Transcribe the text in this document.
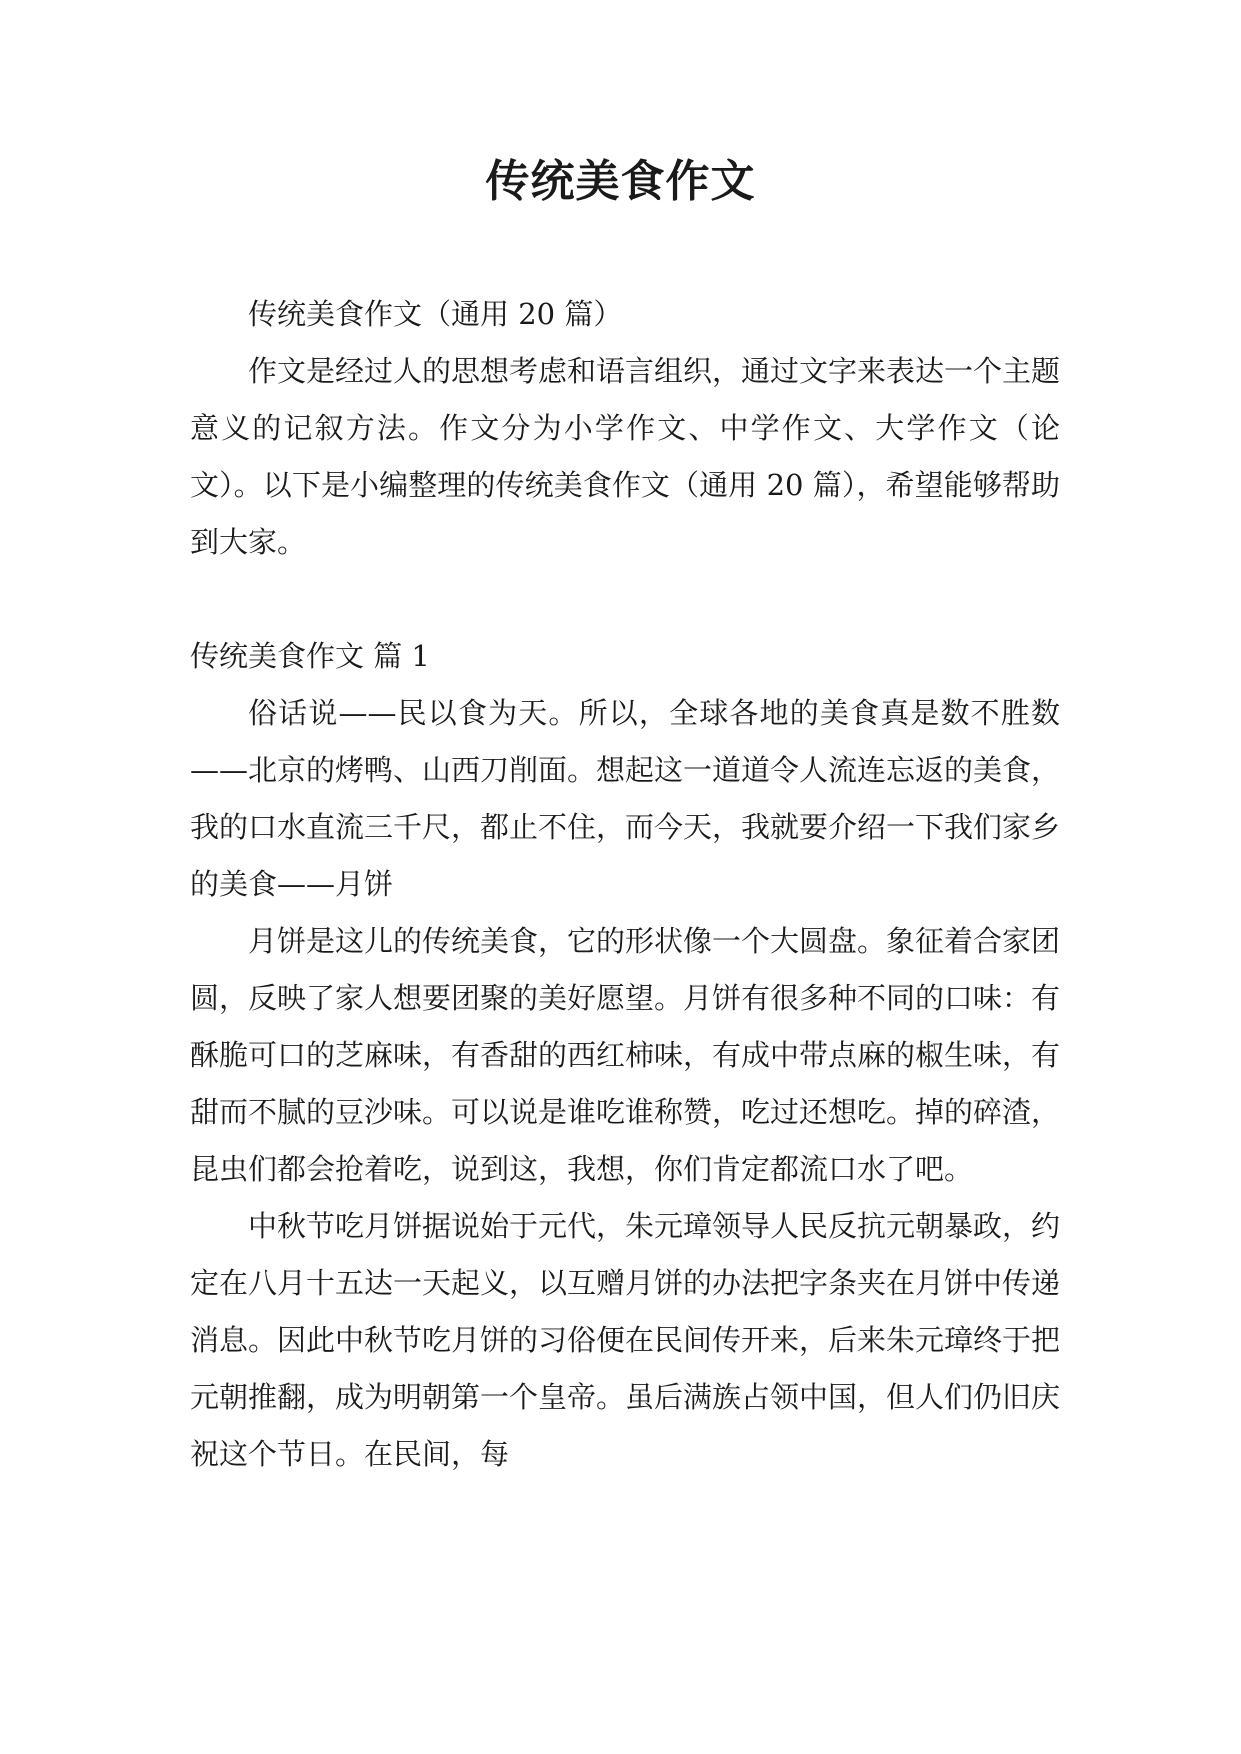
传统美食作文

传统美食作文（通用 20 篇）

作文是经过人的思想考虑和语言组织，通过文字来表达一个主题意义的记叙方法。作文分为小学作文、中学作文、大学作文（论文）。以下是小编整理的传统美食作文（通用 20 篇），希望能够帮助到大家。

传统美食作文 篇 1

俗话说——民以食为天。所以，全球各地的美食真是数不胜数——北京的烤鸭、山西刀削面。想起这一道道令人流连忘返的美食，我的口水直流三千尺，都止不住，而今天，我就要介绍一下我们家乡的美食——月饼

月饼是这儿的传统美食，它的形状像一个大圆盘。象征着合家团圆，反映了家人想要团聚的美好愿望。月饼有很多种不同的口味：有酥脆可口的芝麻味，有香甜的西红柿味，有成中带点麻的椒生味，有甜而不腻的豆沙味。可以说是谁吃谁称赞，吃过还想吃。掉的碎渣，昆虫们都会抢着吃，说到这，我想，你们肯定都流口水了吧。

中秋节吃月饼据说始于元代，朱元璋领导人民反抗元朝暴政，约定在八月十五达一天起义，以互赠月饼的办法把字条夹在月饼中传递消息。因此中秋节吃月饼的习俗便在民间传开来，后来朱元璋终于把元朝推翻，成为明朝第一个皇帝。虽后满族占领中国，但人们仍旧庆祝这个节日。在民间，每
